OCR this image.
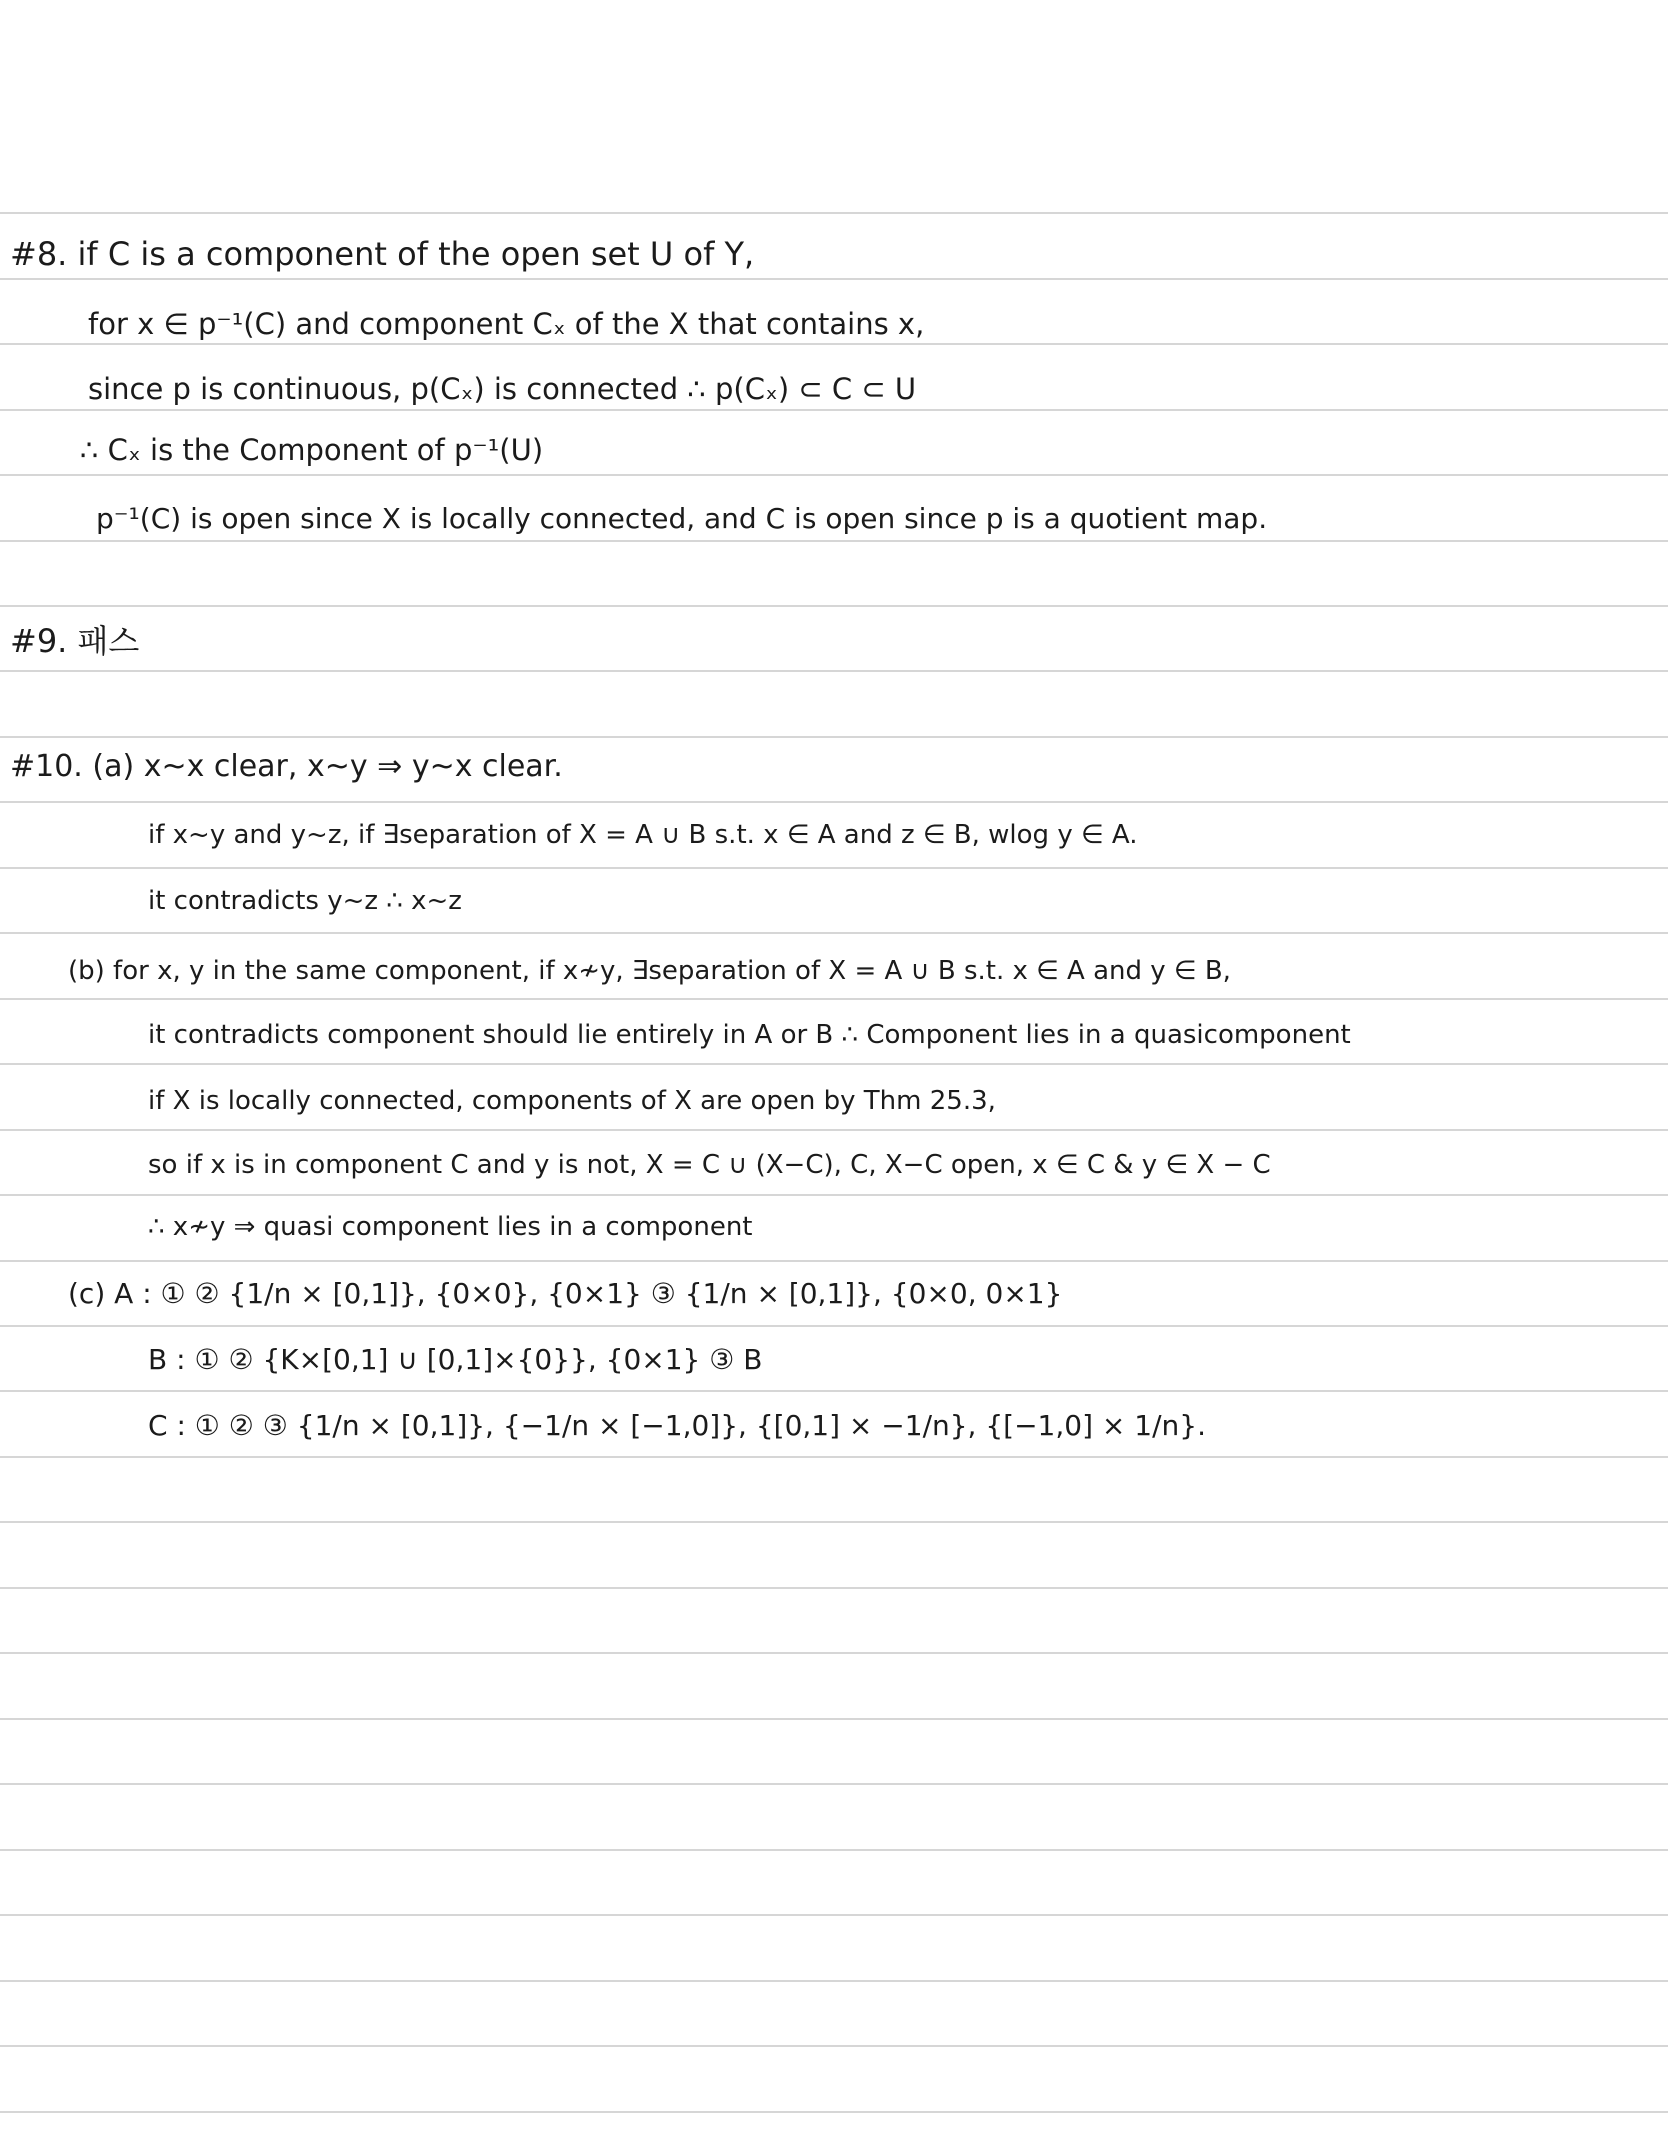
#8. if C is a component of the open set U of Y,
for x ∈ p⁻¹(C) and component Cₓ of the X that contains x,
since p is continuous, p(Cₓ) is connected ∴ p(Cₓ) ⊂ C ⊂ U
∴ Cₓ is the Component of p⁻¹(U)
p⁻¹(C) is open since X is locally connected, and C is open since p is a quotient map.
#9. 패스
#10. (a) x~x clear, x~y ⇒ y~x clear.
if x~y and y~z, if ∃separation of X = A ∪ B s.t. x ∈ A and z ∈ B, wlog y ∈ A.
it contradicts y~z ∴ x~z
(b) for x, y in the same component, if x≁y, ∃separation of X = A ∪ B s.t. x ∈ A and y ∈ B,
it contradicts component should lie entirely in A or B ∴ Component lies in a quasicomponent
if X is locally connected, components of X are open by Thm 25.3,
so if x is in component C and y is not, X = C ∪ (X−C), C, X−C open, x ∈ C & y ∈ X − C
∴ x≁y ⇒ quasi component lies in a component
(c) A : ① ② {1/n × [0,1]}, {0×0}, {0×1} ③ {1/n × [0,1]}, {0×0, 0×1}
B : ① ② {K×[0,1] ∪ [0,1]×{0}}, {0×1} ③ B
C : ① ② ③ {1/n × [0,1]}, {−1/n × [−1,0]}, {[0,1] × −1/n}, {[−1,0] × 1/n}.
